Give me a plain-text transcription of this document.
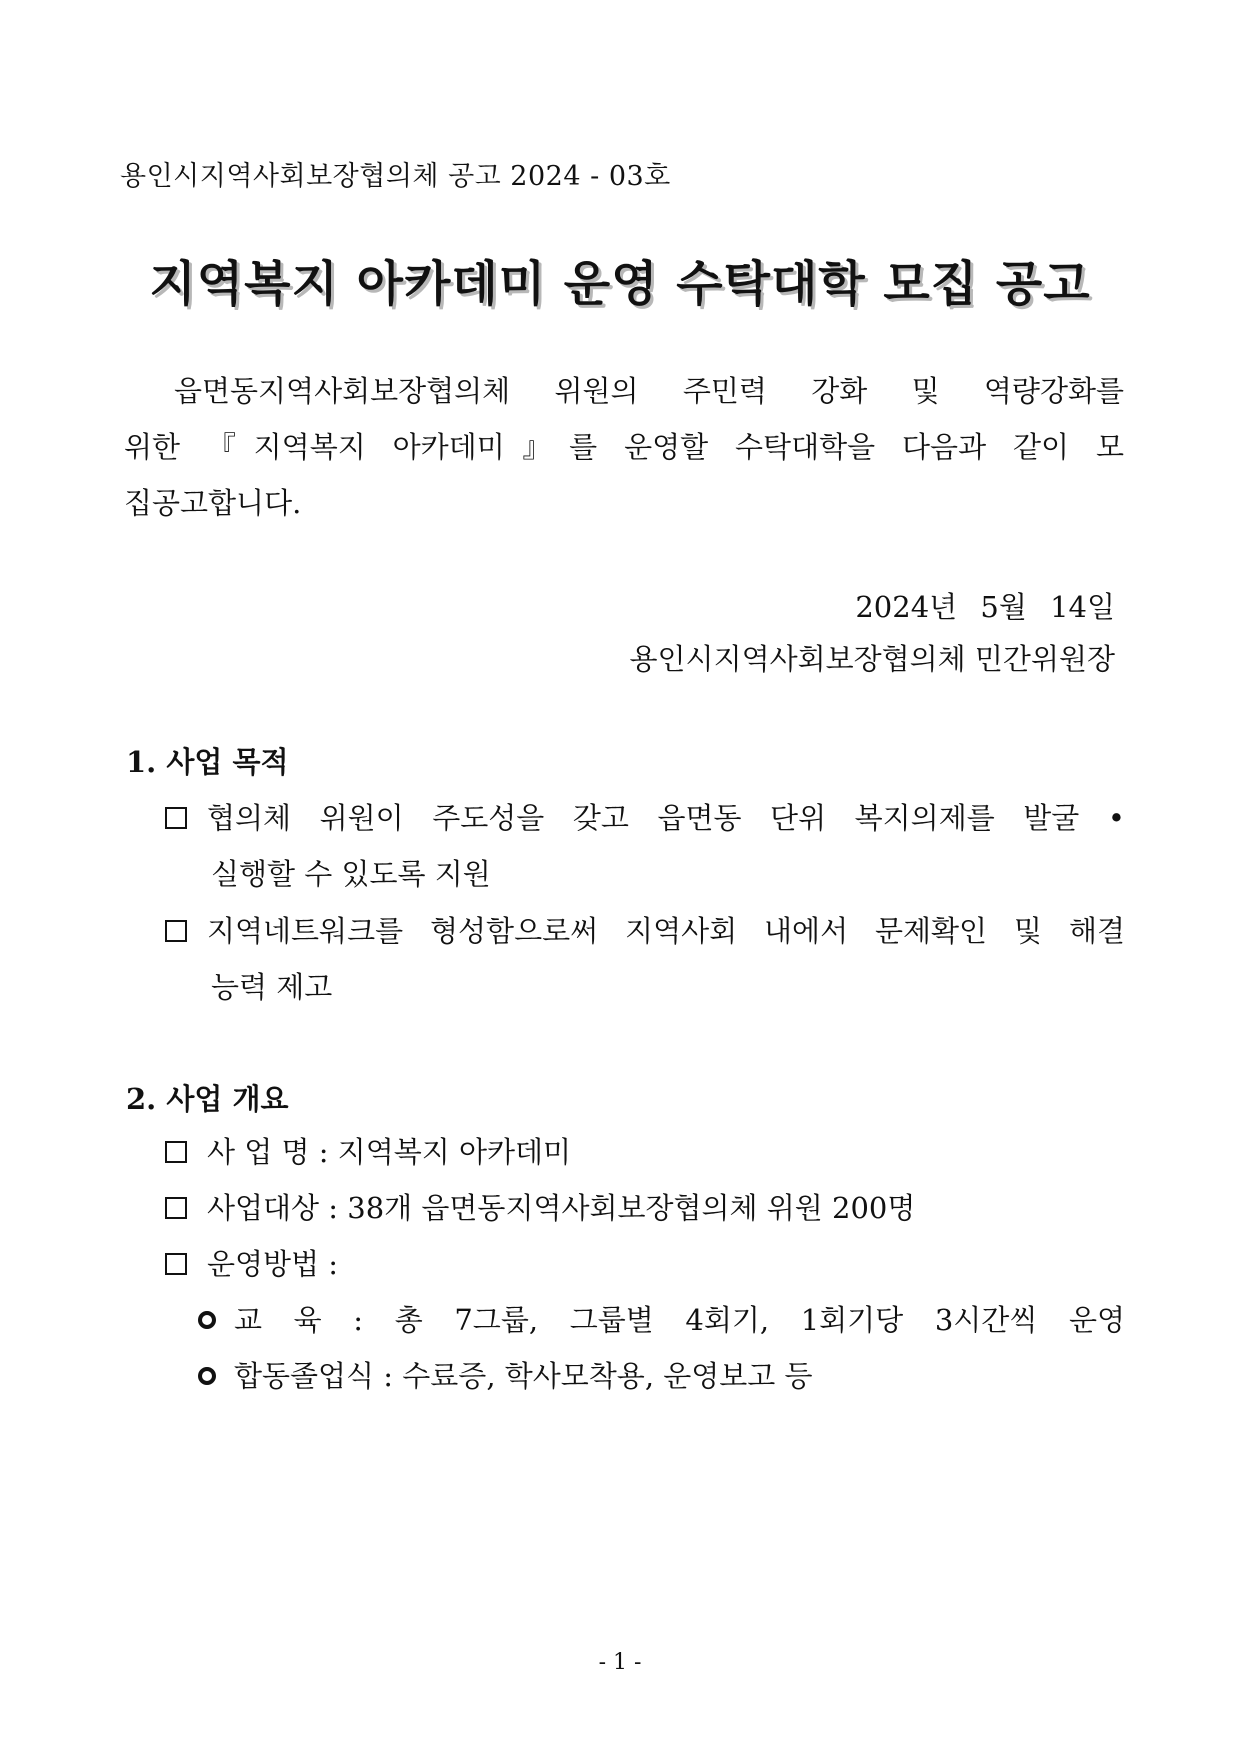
용인시지역사회보장협의체 공고 2024 - 03호
지역복지 아카데미 운영 수탁대학 모집 공고
읍면동지역사회보장협의체 위원의 주민력 강화 및 역량강화를
위한 『지역복지 아카데미』를 운영할 수탁대학을 다음과 같이 모
집공고합니다.
2024년 5월 14일
용인시지역사회보장협의체 민간위원장
1. 사업 목적
협의체 위원이 주도성을 갖고 읍면동 단위 복지의제를 발굴 •
실행할 수 있도록 지원
지역네트워크를 형성함으로써 지역사회 내에서 문제확인 및 해결
능력 제고
2. 사업 개요
사 업 명 : 지역복지 아카데미
사업대상 : 38개 읍면동지역사회보장협의체 위원 200명
운영방법 :
교 육 : 총 7그룹, 그룹별 4회기, 1회기당 3시간씩 운영
합동졸업식 : 수료증, 학사모착용, 운영보고 등
- 1 -
